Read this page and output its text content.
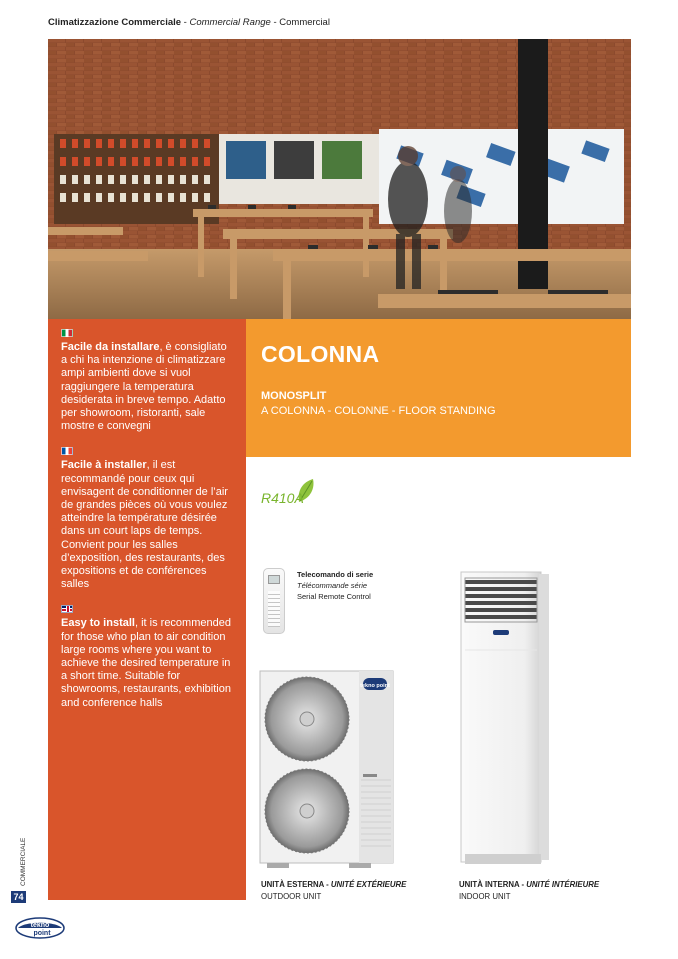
Climatizzazione Commerciale - Commercial Range - Commercial
Facile da installare, è consigliato a chi ha intenzione di climatizzare ampi ambienti dove si vuol raggiungere la temperatura desiderata in breve tempo. Adatto per showroom, ristoranti, sale mostre e convegni
Facile à installer, il est recommandé pour ceux qui envisagent de conditionner de l’air de grandes pièces où vous voulez atteindre la température désirée dans un court laps de temps. Convient pour les salles d’exposition, des restaurants, des expositions et de conférences salles
Easy to install, it is recommended for those who plan to air condition large rooms where you want to achieve the desired temperature in a short time. Suitable for showrooms, restaurants, exhibition and conference halls
COLONNA
MONOSPLIT
A COLONNA - COLONNE - FLOOR STANDING
R410A
Telecomando di serie
Télécommande série
Serial Remote Control
tekno point
UNITÀ ESTERNA - UNITÉ EXTÉRIEURE
OUTDOOR UNIT
UNITÀ INTERNA - UNITÉ INTÉRIEURE
INDOOR UNIT
COMMERCIALE
74
tekno
point
